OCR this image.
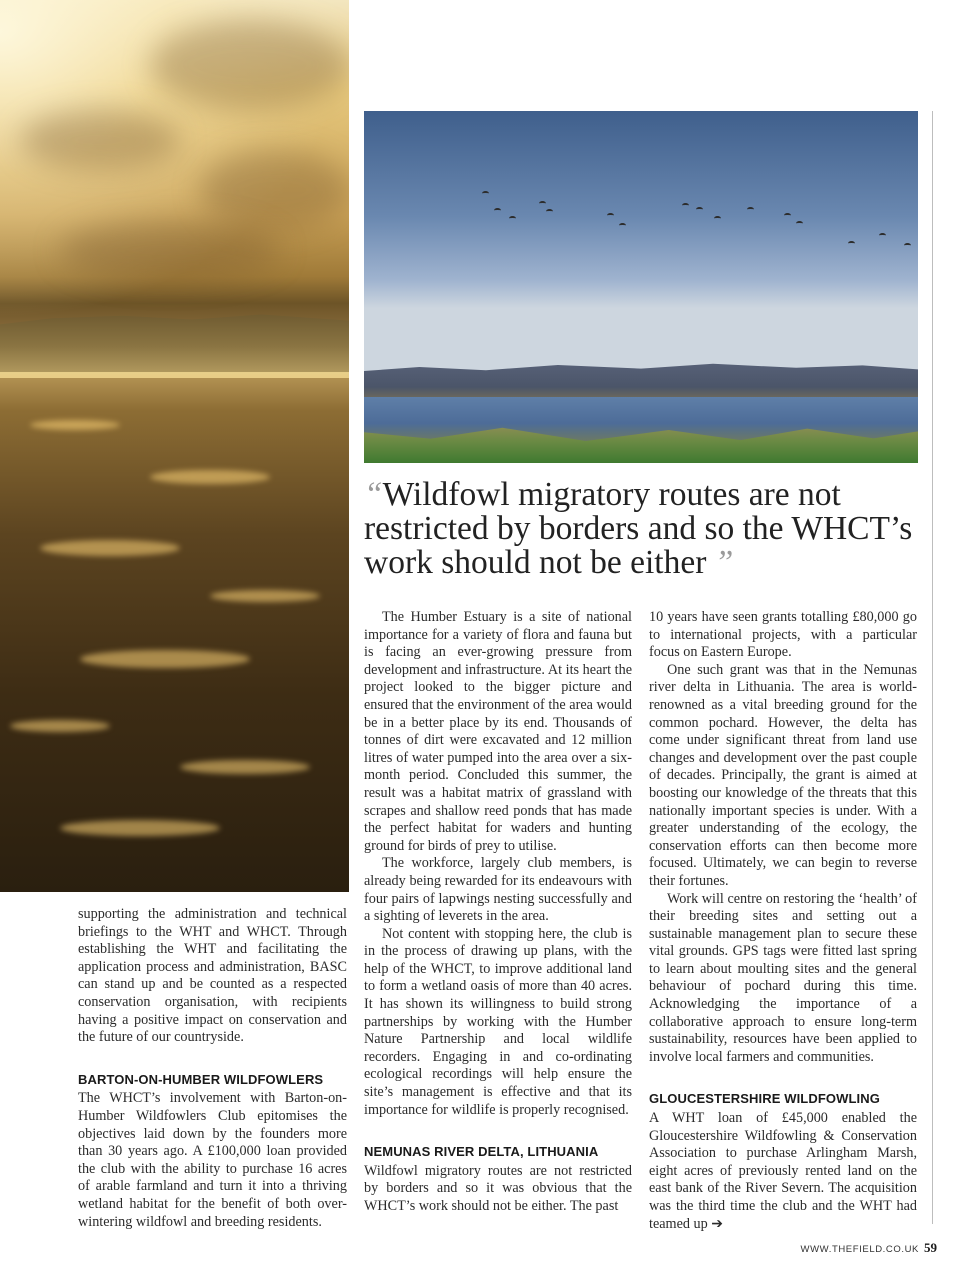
“Wildfowl migratory routes are not restricted by borders and so the WHCT’s work should not be either ”

supporting the administration and technical briefings to the WHT and WHCT. Through establishing the WHT and facilitating the application process and administration, BASC can stand up and be counted as a respected conservation organisation, with recipients having a positive impact on conservation and the future of our countryside.

BARTON-ON-HUMBER WILDFOWLERS

The WHCT’s involvement with Barton-on-Humber Wildfowlers Club epitomises the objectives laid down by the founders more than 30 years ago. A £100,000 loan provided the club with the ability to purchase 16 acres of arable farmland and turn it into a thriving wetland habitat for the benefit of both over-wintering wildfowl and breeding residents.

The Humber Estuary is a site of national importance for a variety of flora and fauna but is facing an ever-growing pressure from development and infrastructure. At its heart the project looked to the bigger picture and ensured that the environment of the area would be in a better place by its end. Thousands of tonnes of dirt were excavated and 12 million litres of water pumped into the area over a six-month period. Concluded this summer, the result was a habitat matrix of grassland with scrapes and shallow reed ponds that has made the perfect habitat for waders and hunting ground for birds of prey to utilise.

The workforce, largely club members, is already being rewarded for its endeavours with four pairs of lapwings nesting successfully and a sighting of leverets in the area.

Not content with stopping here, the club is in the process of drawing up plans, with the help of the WHCT, to improve additional land to form a wetland oasis of more than 40 acres. It has shown its willingness to build strong partnerships by working with the Humber Nature Partnership and local wildlife recorders. Engaging in and co-ordinating ecological recordings will help ensure the site’s management is effective and that its importance for wildlife is properly recognised.

NEMUNAS RIVER DELTA, LITHUANIA

Wildfowl migratory routes are not restricted by borders and so it was obvious that the WHCT’s work should not be either. The past

10 years have seen grants totalling £80,000 go to international projects, with a particular focus on Eastern Europe.

One such grant was that in the Nemunas river delta in Lithuania. The area is world-renowned as a vital breeding ground for the common pochard. However, the delta has come under significant threat from land use changes and development over the past couple of decades. Principally, the grant is aimed at boosting our knowledge of the threats that this nationally important species is under. With a greater understanding of the ecology, the conservation efforts can then become more focused. Ultimately, we can begin to reverse their fortunes.

Work will centre on restoring the ‘health’ of their breeding sites and setting out a sustainable management plan to secure these vital grounds. GPS tags were fitted last spring to learn about moulting sites and the general behaviour of pochard during this time. Acknowledging the importance of a collaborative approach to ensure long-term sustainability, resources have been applied to involve local farmers and communities.

GLOUCESTERSHIRE WILDFOWLING

A WHT loan of £45,000 enabled the Gloucestershire Wildfowling & Conservation Association to purchase Arlingham Marsh, eight acres of previously rented land on the east bank of the River Severn. The acquisition was the third time the club and the WHT had teamed up ➔

WWW.THEFIELD.CO.UK 59
